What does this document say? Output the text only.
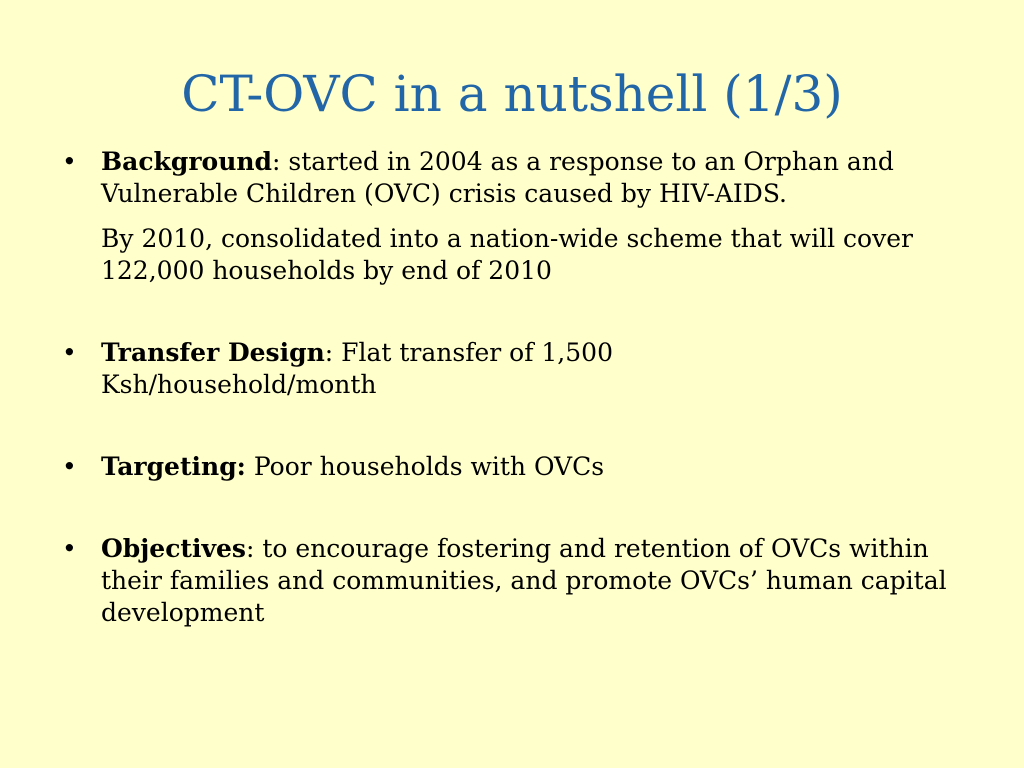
CT-OVC in a nutshell (1/3)
• Background: started in 2004 as a response to an Orphan and Vulnerable Children (OVC) crisis caused by HIV-AIDS.
By 2010, consolidated into a nation-wide scheme that will cover 122,000 households by end of 2010
• Transfer Design: Flat transfer of 1,500 Ksh/household/month
• Targeting: Poor households with OVCs
• Objectives: to encourage fostering and retention of OVCs within their families and communities, and promote OVCs’ human capital development
